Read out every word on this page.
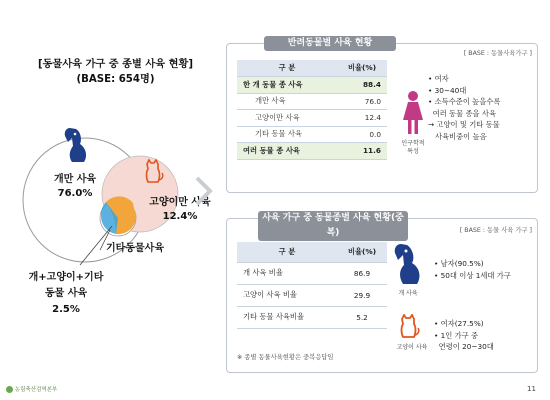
[동물사육 가구 중 종별 사육 현황]
(BASE: 654명)
개만 사육
76.0%
고양이만 사육
12.4%
기타동물사육
개+고양이+기타
동물 사육
2.5%
반려동물별 사육 현황
[ BASE : 동물사육가구 ]
구 분	비율(%)
한 개 동물 종 사육	88.4
개만 사육	76.0
고양이만 사육	12.4
기타 동물 사육	0.0
여러 동물 종 사육	11.6
인구학적
특성
• 여자
• 30~40대
• 소득수준이 높을수록
여러 동물 종을 사육
→ 고양이 및 기타 동물
사육비중이 높음
사육 가구 중 동물종별 사육 현황(중복)	[ BASE : 동물 사육 가구 ]
구 분	비율(%)
개 사육 비율	86.9
고양이 사육 비율	29.9
기타 동물 사육비율	5.2
※ 종별 동물사육현황은 중복응답임
개 사육
• 남자(90.5%)
• 50대 이상 1세대 가구
고양이 사육
• 여자(27.5%)
• 1인 가구 중
연령이 20~30대
농림축산검역본부	11
